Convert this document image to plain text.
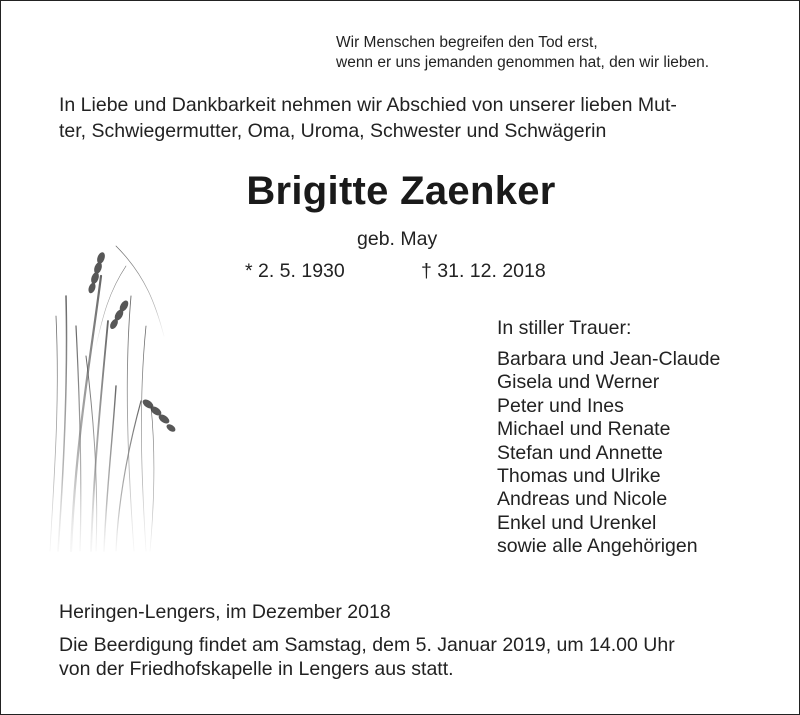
Wir Menschen begreifen den Tod erst,
wenn er uns jemanden genommen hat, den wir lieben.
In Liebe und Dankbarkeit nehmen wir Abschied von unserer lieben Mut-
ter, Schwiegermutter, Oma, Uroma, Schwester und Schwägerin
Brigitte Zaenker
geb. May
* 2. 5. 1930	† 31. 12. 2018
In stiller Trauer:
Barbara und Jean-Claude
Gisela und Werner
Peter und Ines
Michael und Renate
Stefan und Annette
Thomas und Ulrike
Andreas und Nicole
Enkel und Urenkel
sowie alle Angehörigen
Heringen-Lengers, im Dezember 2018
Die Beerdigung findet am Samstag, dem 5. Januar 2019, um 14.00 Uhr
von der Friedhofskapelle in Lengers aus statt.
